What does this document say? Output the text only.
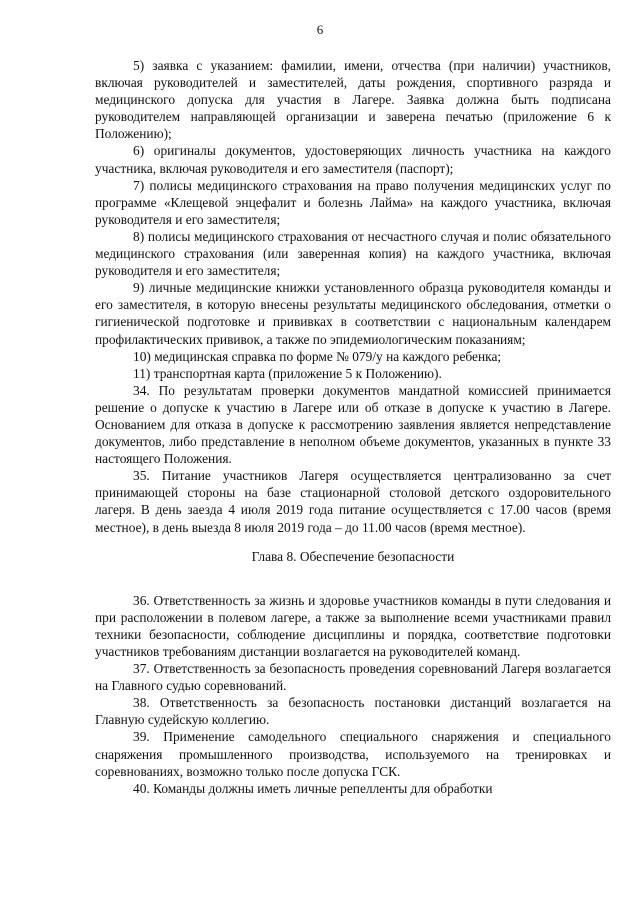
6

5) заявка с указанием: фамилии, имени, отчества (при наличии) участников, включая руководителей и заместителей, даты рождения, спортивного разряда и медицинского допуска для участия в Лагере. Заявка должна быть подписана руководителем направляющей организации и заверена печатью (приложение 6 к Положению);

6) оригиналы документов, удостоверяющих личность участника на каждого участника, включая руководителя и его заместителя (паспорт);

7) полисы медицинского страхования на право получения медицинских услуг по программе «Клещевой энцефалит и болезнь Лайма» на каждого участника, включая руководителя и его заместителя;

8) полисы медицинского страхования от несчастного случая и полис обязательного медицинского страхования (или заверенная копия) на каждого участника, включая руководителя и его заместителя;

9) личные медицинские книжки установленного образца руководителя команды и его заместителя, в которую внесены результаты медицинского обследования, отметки о гигиенической подготовке и прививках в соответствии с национальным календарем профилактических прививок, а также по эпидемиологическим показаниям;

10) медицинская справка по форме № 079/у на каждого ребенка;

11) транспортная карта (приложение 5 к Положению).

34. По результатам проверки документов мандатной комиссией принимается решение о допуске к участию в Лагере или об отказе в допуске к участию в Лагере. Основанием для отказа в допуске к рассмотрению заявления является непредставление документов, либо представление в неполном объеме документов, указанных в пункте 33 настоящего Положения.

35. Питание участников Лагеря осуществляется централизованно за счет принимающей стороны на базе стационарной столовой детского оздоровительного лагеря. В день заезда 4 июля 2019 года питание осуществляется с 17.00 часов (время местное), в день выезда 8 июля 2019 года – до 11.00 часов (время местное).

Глава 8. Обеспечение безопасности

36. Ответственность за жизнь и здоровье участников команды в пути следования и при расположении в полевом лагере, а также за выполнение всеми участниками правил техники безопасности, соблюдение дисциплины и порядка, соответствие подготовки участников требованиям дистанции возлагается на руководителей команд.

37. Ответственность за безопасность проведения соревнований Лагеря возлагается на Главного судью соревнований.

38. Ответственность за безопасность постановки дистанций возлагается на Главную судейскую коллегию.

39. Применение самодельного специального снаряжения и специального снаряжения промышленного производства, используемого на тренировках и соревнованиях, возможно только после допуска ГСК.

40. Команды должны иметь личные репелленты для обработки
